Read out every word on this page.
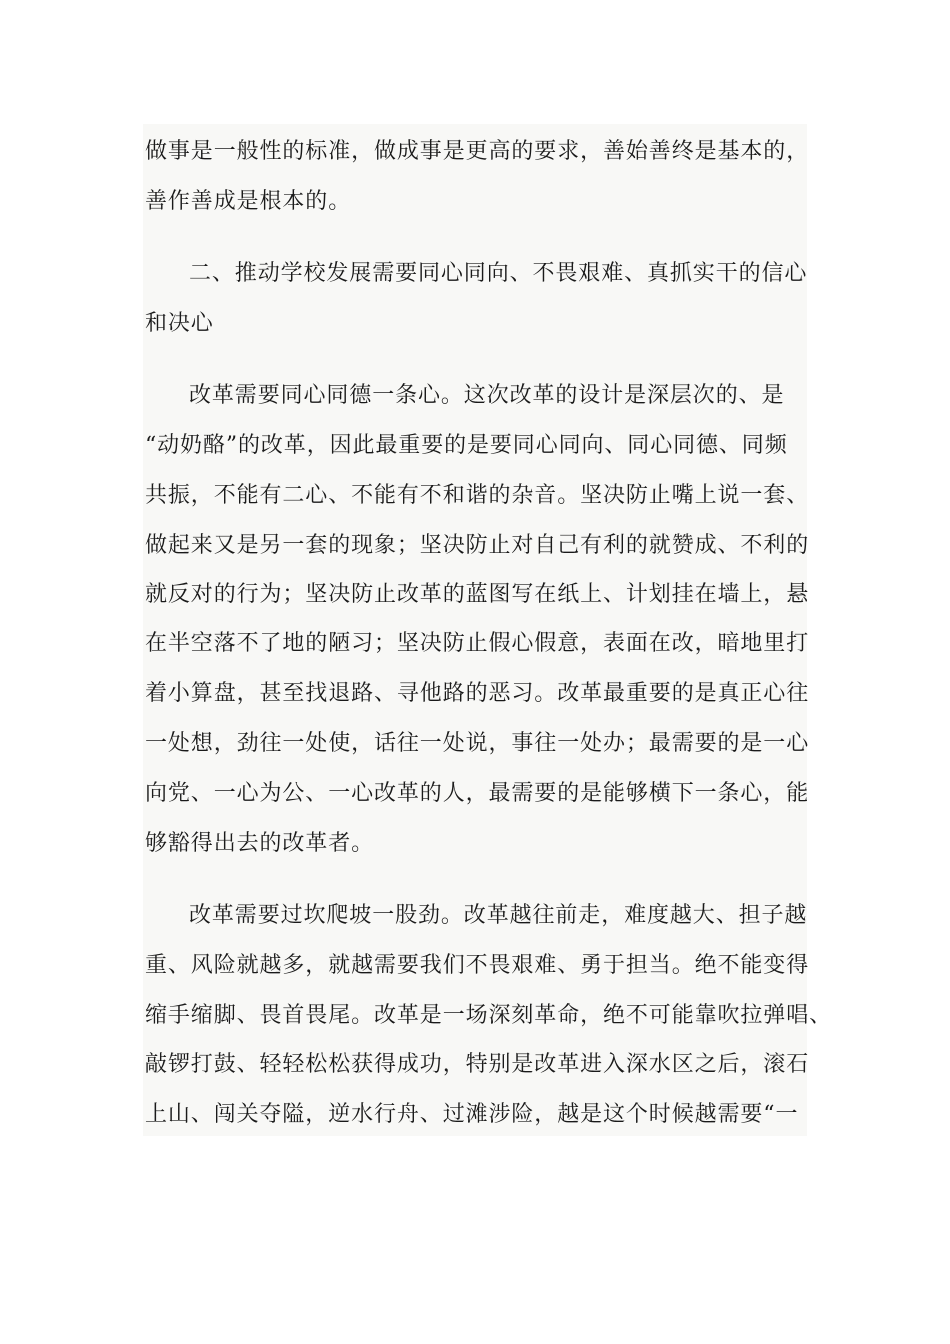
做事是一般性的标准，做成事是更高的要求，善始善终是基本的，
善作善成是根本的。
二、推动学校发展需要同心同向、不畏艰难、真抓实干的信心
和决心
改革需要同心同德一条心。这次改革的设计是深层次的、是
“动奶酪”的改革，因此最重要的是要同心同向、同心同德、同频
共振，不能有二心、不能有不和谐的杂音。坚决防止嘴上说一套、
做起来又是另一套的现象；坚决防止对自己有利的就赞成、不利的
就反对的行为；坚决防止改革的蓝图写在纸上、计划挂在墙上，悬
在半空落不了地的陋习；坚决防止假心假意，表面在改，暗地里打
着小算盘，甚至找退路、寻他路的恶习。改革最重要的是真正心往
一处想，劲往一处使，话往一处说，事往一处办；最需要的是一心
向党、一心为公、一心改革的人，最需要的是能够横下一条心，能
够豁得出去的改革者。
改革需要过坎爬坡一股劲。改革越往前走，难度越大、担子越
重、风险就越多，就越需要我们不畏艰难、勇于担当。绝不能变得
缩手缩脚、畏首畏尾。改革是一场深刻革命，绝不可能靠吹拉弹唱、
敲锣打鼓、轻轻松松获得成功，特别是改革进入深水区之后，滚石
上山、闯关夺隘，逆水行舟、过滩涉险，越是这个时候越需要“一
